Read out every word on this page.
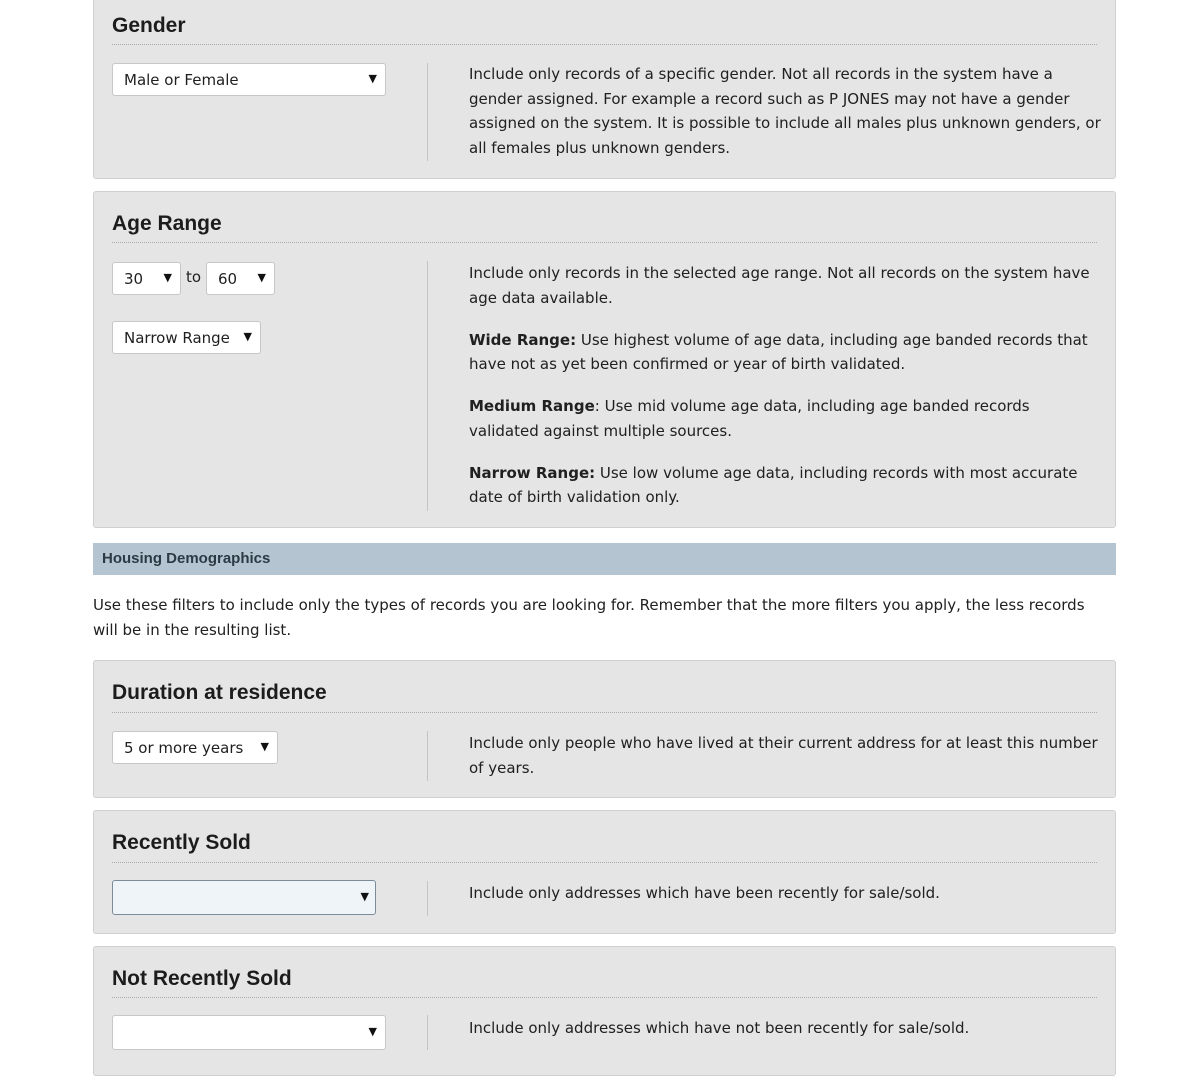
Gender
Male or Female	▼	Include only records of a specific gender. Not all records in the system have a gender assigned. For example a record such as P JONES may not have a gender assigned on the system. It is possible to include all males plus unknown genders, or all females plus unknown genders.

Age Range
30 ▼ to 60 ▼
Narrow Range ▼

Include only records in the selected age range. Not all records on the system have age data available.

Wide Range: Use highest volume of age data, including age banded records that have not as yet been confirmed or year of birth validated.

Medium Range: Use mid volume age data, including age banded records validated against multiple sources.

Narrow Range: Use low volume age data, including records with most accurate date of birth validation only.

Housing Demographics
Use these filters to include only the types of records you are looking for. Remember that the more filters you apply, the less records will be in the resulting list.
Duration at residence
5 or more years ▼	Include only people who have lived at their current address for at least this number of years.

Recently Sold
▼	Include only addresses which have been recently for sale/sold.

Not Recently Sold
▼	Include only addresses which have not been recently for sale/sold.
